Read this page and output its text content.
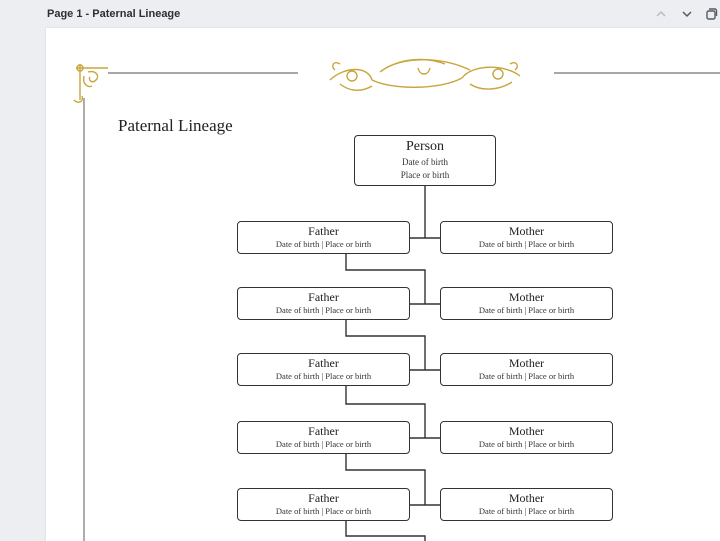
Page 1 - Paternal Lineage
Paternal Lineage
Person
Date of birth
Place or birth
Father
Date of birth | Place or birth
Mother
Date of birth | Place or birth
Father
Date of birth | Place or birth
Mother
Date of birth | Place or birth
Father
Date of birth | Place or birth
Mother
Date of birth | Place or birth
Father
Date of birth | Place or birth
Mother
Date of birth | Place or birth
Father
Date of birth | Place or birth
Mother
Date of birth | Place or birth
